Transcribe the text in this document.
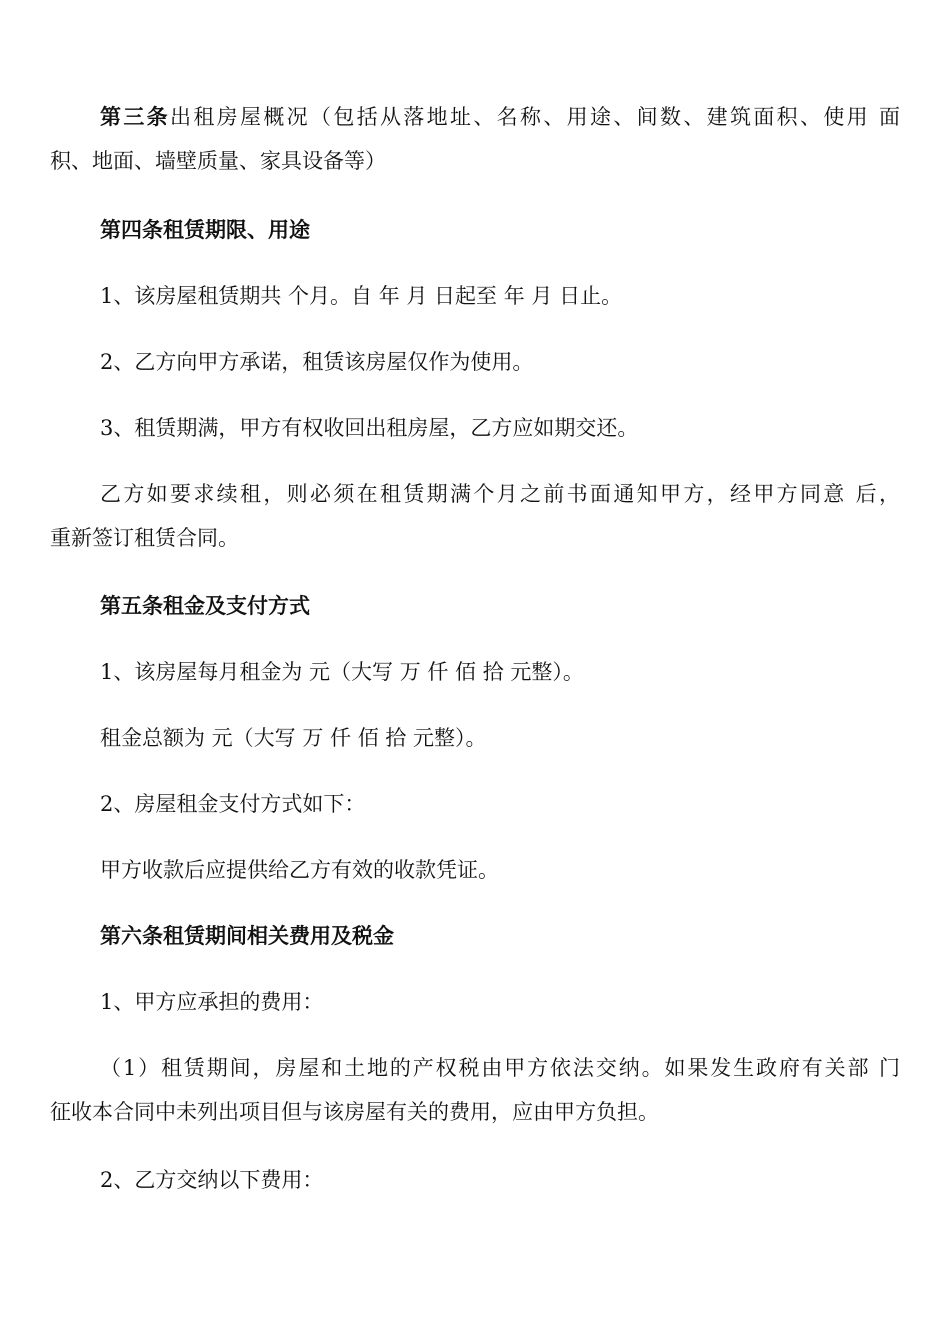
第三条出租房屋概况（包括从落地址、名称、用途、间数、建筑面积、使用 面
积、地面、墙壁质量、家具设备等）

第四条租赁期限、用途

1、该房屋租赁期共 个月。自 年 月 日起至 年 月 日止。

2、乙方向甲方承诺，租赁该房屋仅作为使用。

3、租赁期满，甲方有权收回出租房屋，乙方应如期交还。

乙方如要求续租，则必须在租赁期满个月之前书面通知甲方，经甲方同意 后，
重新签订租赁合同。

第五条租金及支付方式

1、该房屋每月租金为 元（大写 万 仟 佰 拾 元整）。

租金总额为 元（大写 万 仟 佰 拾 元整）。

2、房屋租金支付方式如下：

甲方收款后应提供给乙方有效的收款凭证。

第六条租赁期间相关费用及税金

1、甲方应承担的费用：

（1）租赁期间，房屋和土地的产权税由甲方依法交纳。如果发生政府有关部 门
征收本合同中未列出项目但与该房屋有关的费用，应由甲方负担。

2、乙方交纳以下费用：
